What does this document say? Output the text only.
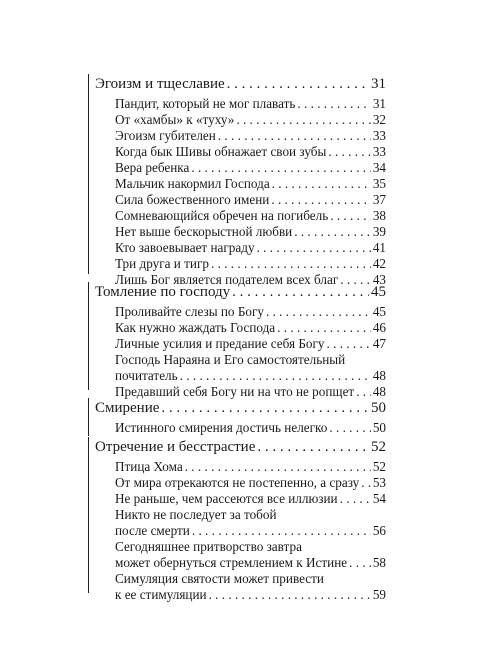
Эгоизм и тщеславие . . .	31
Пандит, который не мог плавать . . .	31
От «хамбы» к «туху» . . .	32
Эгоизм губителен . . .	33
Когда бык Шивы обнажает свои зубы . . .	33
Вера ребенка . . .	34
Мальчик накормил Господа . . .	35
Сила божественного имени . . .	37
Сомневающийся обречен на погибель . . .	38
Нет выше бескорыстной любви . . .	39
Кто завоевывает награду . . .	41
Три друга и тигр . . .	42
Лишь Бог является подателем всех благ . . .	43
Томление по господу . . .	45
Проливайте слезы по Богу . . .	45
Как нужно жаждать Господа . . .	46
Личные усилия и предание себя Богу . . .	47
Господь Нараяна и Его самостоятельный
почитатель . . .	48
Предавший себя Богу ни на что не ропщет . . . 48
Смирение . . .	50
Истинного смирения достичь нелегко . . .	50
Отречение и бесстрастие . . .	52
Птица Хома . . .	52
От мира отрекаются не постепенно, а сразу . . . 53
Не раньше, чем рассеются все иллюзии . . .	54
Никто не последует за тобой
после смерти . . .	56
Сегодняшнее притворство завтра
может обернуться стремлением к Истине . . . 58
Симуляция святости может привести
к ее стимуляции . . .	59
